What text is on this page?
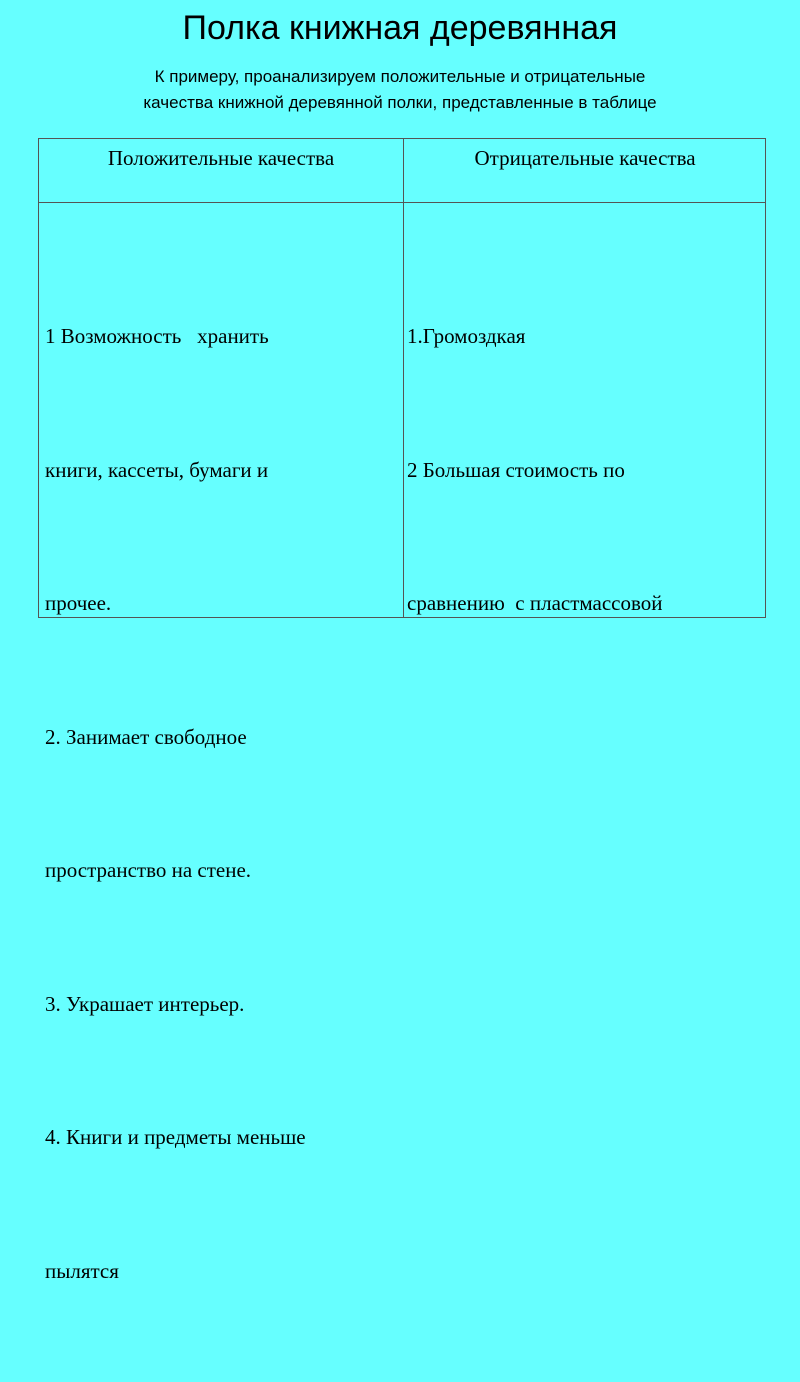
Полка книжная деревянная
К примеру, проанализируем положительные и отрицательные
качества книжной деревянной полки, представленные в таблице
Положительные качества	Отрицательные качества

1 Возможность   хранить

книги, кассеты, бумаги и

прочее.

2. Занимает свободное

пространство на стене.

3. Украшает интерьер.

4. Книги и предметы меньше

пылятся

1.Громоздкая

2 Большая стоимость по

сравнению  с пластмассовой
